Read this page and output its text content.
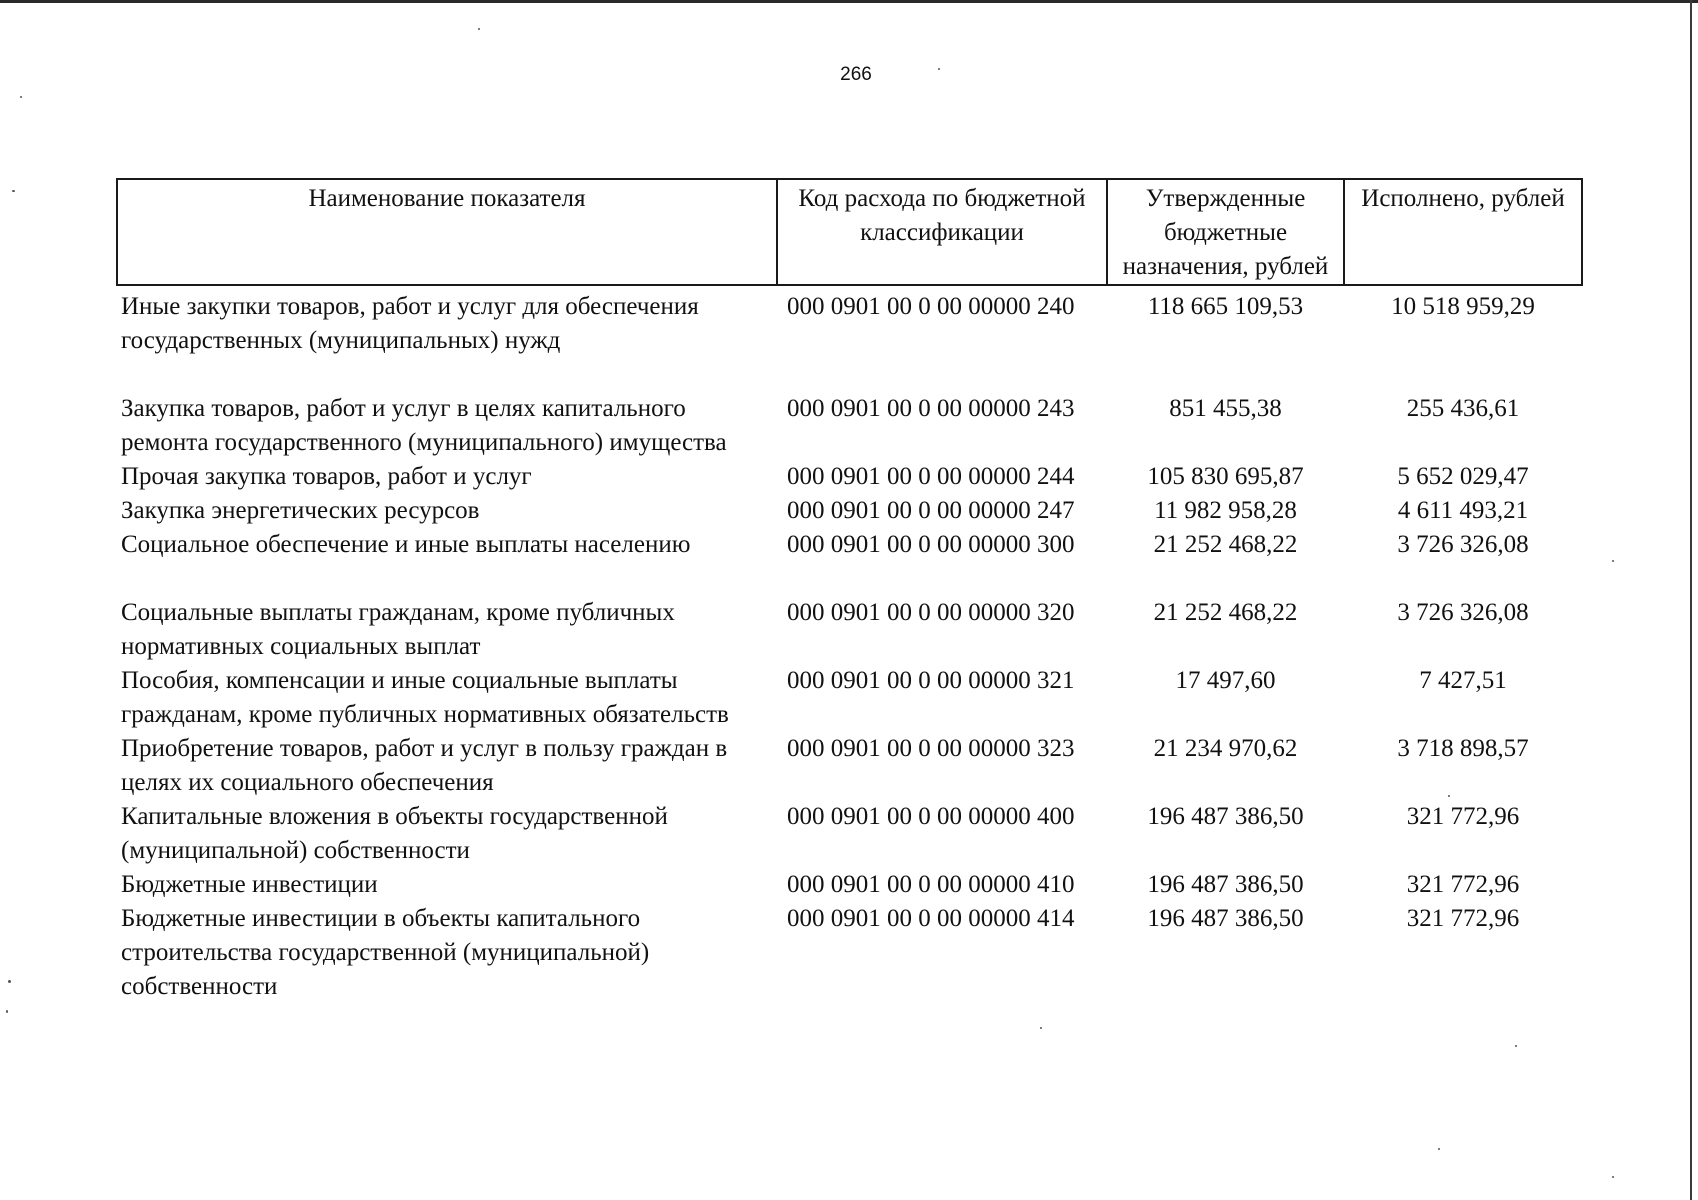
266
Наименование показателя	Код расхода по бюджетной классификации	Утвержденные бюджетные назначения, рублей	Исполнено, рублей
Иные закупки товаров, работ и услуг для обеспечения государственных (муниципальных) нужд	000 0901 00 0 00 00000 240	118 665 109,53	10 518 959,29
Закупка товаров, работ и услуг в целях капитального ремонта государственного (муниципального) имущества	000 0901 00 0 00 00000 243	851 455,38	255 436,61
Прочая закупка товаров, работ и услуг	000 0901 00 0 00 00000 244	105 830 695,87	5 652 029,47
Закупка энергетических ресурсов	000 0901 00 0 00 00000 247	11 982 958,28	4 611 493,21
Социальное обеспечение и иные выплаты населению	000 0901 00 0 00 00000 300	21 252 468,22	3 726 326,08
Социальные выплаты гражданам, кроме публичных нормативных социальных выплат	000 0901 00 0 00 00000 320	21 252 468,22	3 726 326,08
Пособия, компенсации и иные социальные выплаты гражданам, кроме публичных нормативных обязательств	000 0901 00 0 00 00000 321	17 497,60	7 427,51
Приобретение товаров, работ и услуг в пользу граждан в целях их социального обеспечения	000 0901 00 0 00 00000 323	21 234 970,62	3 718 898,57
Капитальные вложения в объекты государственной (муниципальной) собственности	000 0901 00 0 00 00000 400	196 487 386,50	321 772,96
Бюджетные инвестиции	000 0901 00 0 00 00000 410	196 487 386,50	321 772,96
Бюджетные инвестиции в объекты капитального строительства государственной (муниципальной) собственности	000 0901 00 0 00 00000 414	196 487 386,50	321 772,96
